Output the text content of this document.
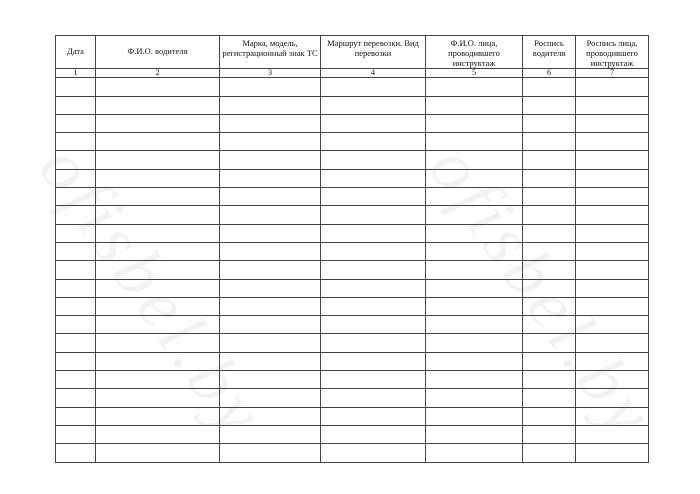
ofisbel.by ofisbel.by
Дата	Ф.И.О. водителя	Марка, модель, регистрационный знак ТС	Маршрут перевозки. Вид перевозки	Ф.И.О. лица, проводившего инструктаж	Роспись водителя	Роспись лица, проводившего инструктаж

1	2	3	4	5	6	7
